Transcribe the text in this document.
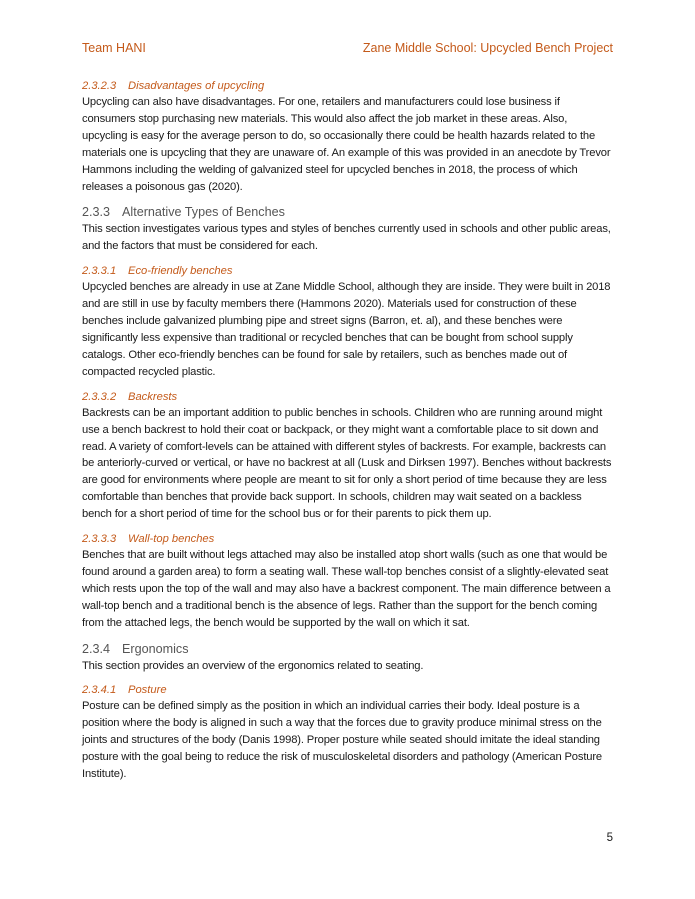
Team HANI	Zane Middle School: Upcycled Bench Project
2.3.2.3 Disadvantages of upcycling

Upcycling can also have disadvantages. For one, retailers and manufacturers could lose business if consumers stop purchasing new materials. This would also affect the job market in these areas. Also, upcycling is easy for the average person to do, so occasionally there could be health hazards related to the materials one is upcycling that they are unaware of. An example of this was provided in an anecdote by Trevor Hammons including the welding of galvanized steel for upcycled benches in 2018, the process of which releases a poisonous gas (2020).

2.3.3 Alternative Types of Benches

This section investigates various types and styles of benches currently used in schools and other public areas, and the factors that must be considered for each.

2.3.3.1 Eco-friendly benches

Upcycled benches are already in use at Zane Middle School, although they are inside. They were built in 2018 and are still in use by faculty members there (Hammons 2020). Materials used for construction of these benches include galvanized plumbing pipe and street signs (Barron, et. al), and these benches were significantly less expensive than traditional or recycled benches that can be bought from school supply catalogs. Other eco-friendly benches can be found for sale by retailers, such as benches made out of compacted recycled plastic.

2.3.3.2 Backrests

Backrests can be an important addition to public benches in schools. Children who are running around might use a bench backrest to hold their coat or backpack, or they might want a comfortable place to sit down and read. A variety of comfort-levels can be attained with different styles of backrests. For example, backrests can be anteriorly-curved or vertical, or have no backrest at all (Lusk and Dirksen 1997). Benches without backrests are good for environments where people are meant to sit for only a short period of time because they are less comfortable than benches that provide back support. In schools, children may wait seated on a backless bench for a short period of time for the school bus or for their parents to pick them up.

2.3.3.3 Wall-top benches

Benches that are built without legs attached may also be installed atop short walls (such as one that would be found around a garden area) to form a seating wall. These wall-top benches consist of a slightly-elevated seat which rests upon the top of the wall and may also have a backrest component. The main difference between a wall-top bench and a traditional bench is the absence of legs. Rather than the support for the bench coming from the attached legs, the bench would be supported by the wall on which it sat.

2.3.4 Ergonomics

This section provides an overview of the ergonomics related to seating.

2.3.4.1 Posture

Posture can be defined simply as the position in which an individual carries their body. Ideal posture is a position where the body is aligned in such a way that the forces due to gravity produce minimal stress on the joints and structures of the body (Danis 1998). Proper posture while seated should imitate the ideal standing posture with the goal being to reduce the risk of musculoskeletal disorders and pathology (American Posture Institute).

5
